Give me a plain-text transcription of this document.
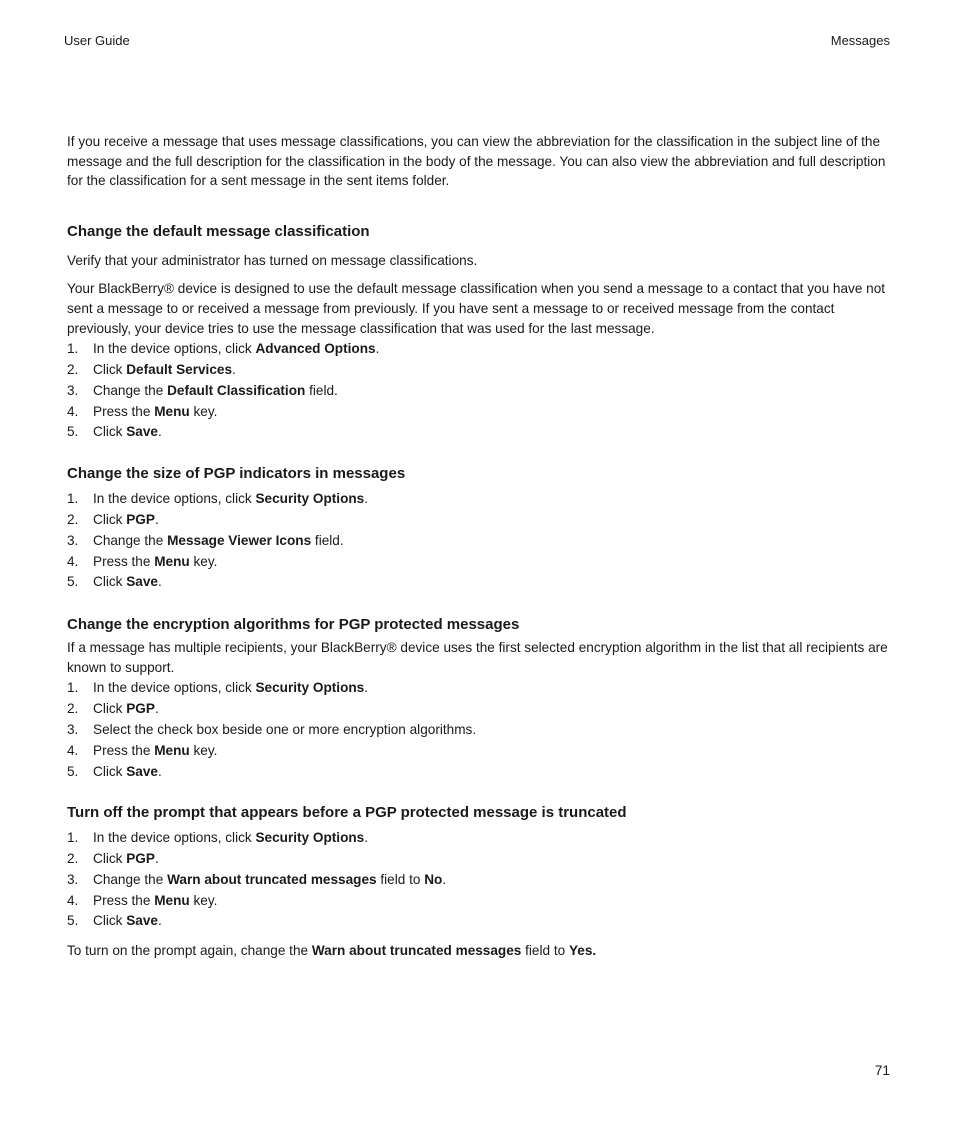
User Guide	Messages

If you receive a message that uses message classifications, you can view the abbreviation for the classification in the subject line of the message and the full description for the classification in the body of the message. You can also view the abbreviation and full description for the classification for a sent message in the sent items folder.

Change the default message classification

Verify that your administrator has turned on message classifications.

Your BlackBerry® device is designed to use the default message classification when you send a message to a contact that you have not sent a message to or received a message from previously. If you have sent a message to or received message from the contact previously, your device tries to use the message classification that was used for the last message.

1.	In the device options, click Advanced Options.
2.	Click Default Services.
3.	Change the Default Classification field.
4.	Press the Menu key.
5.	Click Save.
Change the size of PGP indicators in messages
1.	In the device options, click Security Options.
2.	Click PGP.
3.	Change the Message Viewer Icons field.
4.	Press the Menu key.
5.	Click Save.
Change the encryption algorithms for PGP protected messages

If a message has multiple recipients, your BlackBerry® device uses the first selected encryption algorithm in the list that all recipients are known to support.

1.	In the device options, click Security Options.
2.	Click PGP.
3.	Select the check box beside one or more encryption algorithms.
4.	Press the Menu key.
5.	Click Save.
Turn off the prompt that appears before a PGP protected message is truncated
1.	In the device options, click Security Options.
2.	Click PGP.
3.	Change the Warn about truncated messages field to No.
4.	Press the Menu key.
5.	Click Save.

To turn on the prompt again, change the Warn about truncated messages field to Yes.

71
